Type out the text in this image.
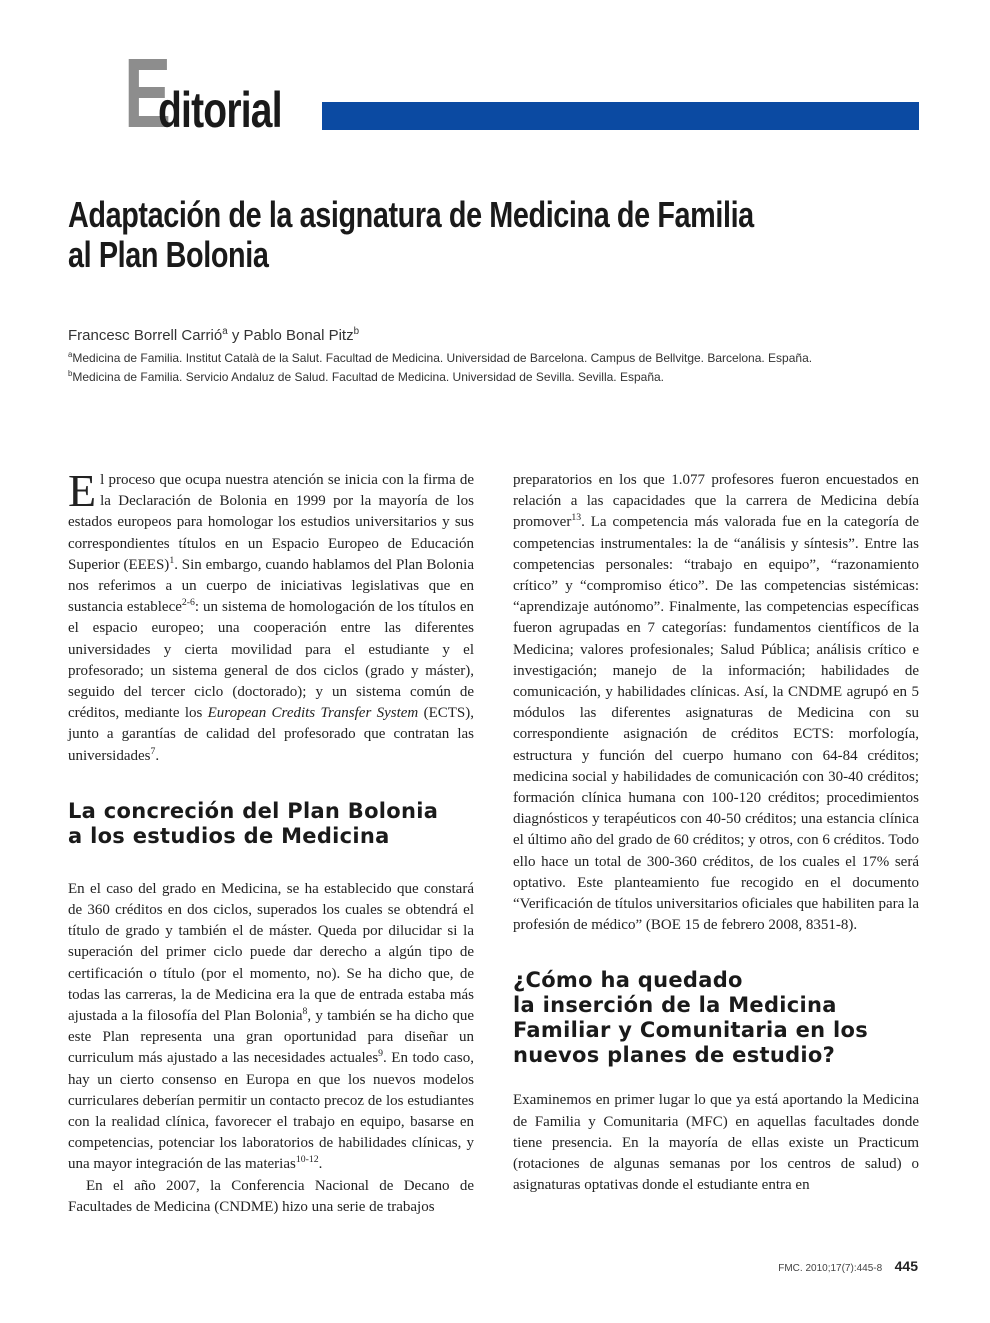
E
ditorial
Adaptación de la asignatura de Medicina de Familia
al Plan Bolonia
Francesc Borrell Carrió$^a$ y Pablo Bonal Pitz$^b$
$^a$Medicina de Familia. Institut Català de la Salut. Facultad de Medicina. Universidad de Barcelona. Campus de Bellvitge. Barcelona. España.
$^b$Medicina de Familia. Servicio Andaluz de Salud. Facultad de Medicina. Universidad de Sevilla. Sevilla. España.

El proceso que ocupa nuestra atención se inicia con la firma de la Declaración de Bolonia en 1999 por la mayoría de los estados europeos para homologar los estudios universitarios y sus correspondientes títulos en un Espacio Europeo de Educación Superior (EEES)$^1$. Sin embargo, cuando hablamos del Plan Bolonia nos referimos a un cuerpo de iniciativas legislativas que en sustancia establece$^{2-6}$: un sistema de homologación de los títulos en el espacio europeo; una cooperación entre las diferentes universidades y cierta movilidad para el estudiante y el profesorado; un sistema general de dos ciclos (grado y máster), seguido del tercer ciclo (doctorado); y un sistema común de créditos, mediante los European Credits Transfer System (ECTS), junto a garantías de calidad del profesorado que contratan las universidades$^7$.

La concreción del Plan Bolonia
a los estudios de Medicina

En el caso del grado en Medicina, se ha establecido que constará de 360 créditos en dos ciclos, superados los cuales se obtendrá el título de grado y también el de máster. Queda por dilucidar si la superación del primer ciclo puede dar derecho a algún tipo de certificación o título (por el momento, no). Se ha dicho que, de todas las carreras, la de Medicina era la que de entrada estaba más ajustada a la filosofía del Plan Bolonia$^8$, y también se ha dicho que este Plan representa una gran oportunidad para diseñar un curriculum más ajustado a las necesidades actuales$^9$. En todo caso, hay un cierto consenso en Europa en que los nuevos modelos curriculares deberían permitir un contacto precoz de los estudiantes con la realidad clínica, favorecer el trabajo en equipo, basarse en competencias, potenciar los laboratorios de habilidades clínicas, y una mayor integración de las materias$^{10-12}$.

En el año 2007, la Conferencia Nacional de Decano de Facultades de Medicina (CNDME) hizo una serie de trabajos

preparatorios en los que 1.077 profesores fueron encuestados en relación a las capacidades que la carrera de Medicina debía promover$^{13}$. La competencia más valorada fue en la categoría de competencias instrumentales: la de “análisis y síntesis”. Entre las competencias personales: “trabajo en equipo”, “razonamiento crítico” y “compromiso ético”. De las competencias sistémicas: “aprendizaje autónomo”. Finalmente, las competencias específicas fueron agrupadas en 7 categorías: fundamentos científicos de la Medicina; valores profesionales; Salud Pública; análisis crítico e investigación; manejo de la información; habilidades de comunicación, y habilidades clínicas. Así, la CNDME agrupó en 5 módulos las diferentes asignaturas de Medicina con su correspondiente asignación de créditos ECTS: morfología, estructura y función del cuerpo humano con 64-84 créditos; medicina social y habilidades de comunicación con 30-40 créditos; formación clínica humana con 100-120 créditos; procedimientos diagnósticos y terapéuticos con 40-50 créditos; una estancia clínica el último año del grado de 60 créditos; y otros, con 6 créditos. Todo ello hace un total de 300-360 créditos, de los cuales el 17% será optativo. Este planteamiento fue recogido en el documento “Verificación de títulos universitarios oficiales que habiliten para la profesión de médico” (BOE 15 de febrero 2008, 8351-8).

¿Cómo ha quedado
la inserción de la Medicina
Familiar y Comunitaria en los
nuevos planes de estudio?

Examinemos en primer lugar lo que ya está aportando la Medicina de Familia y Comunitaria (MFC) en aquellas facultades donde tiene presencia. En la mayoría de ellas existe un Practicum (rotaciones de algunas semanas por los centros de salud) o asignaturas optativas donde el estudiante entra en

FMC. 2010;17(7):445-8 445
